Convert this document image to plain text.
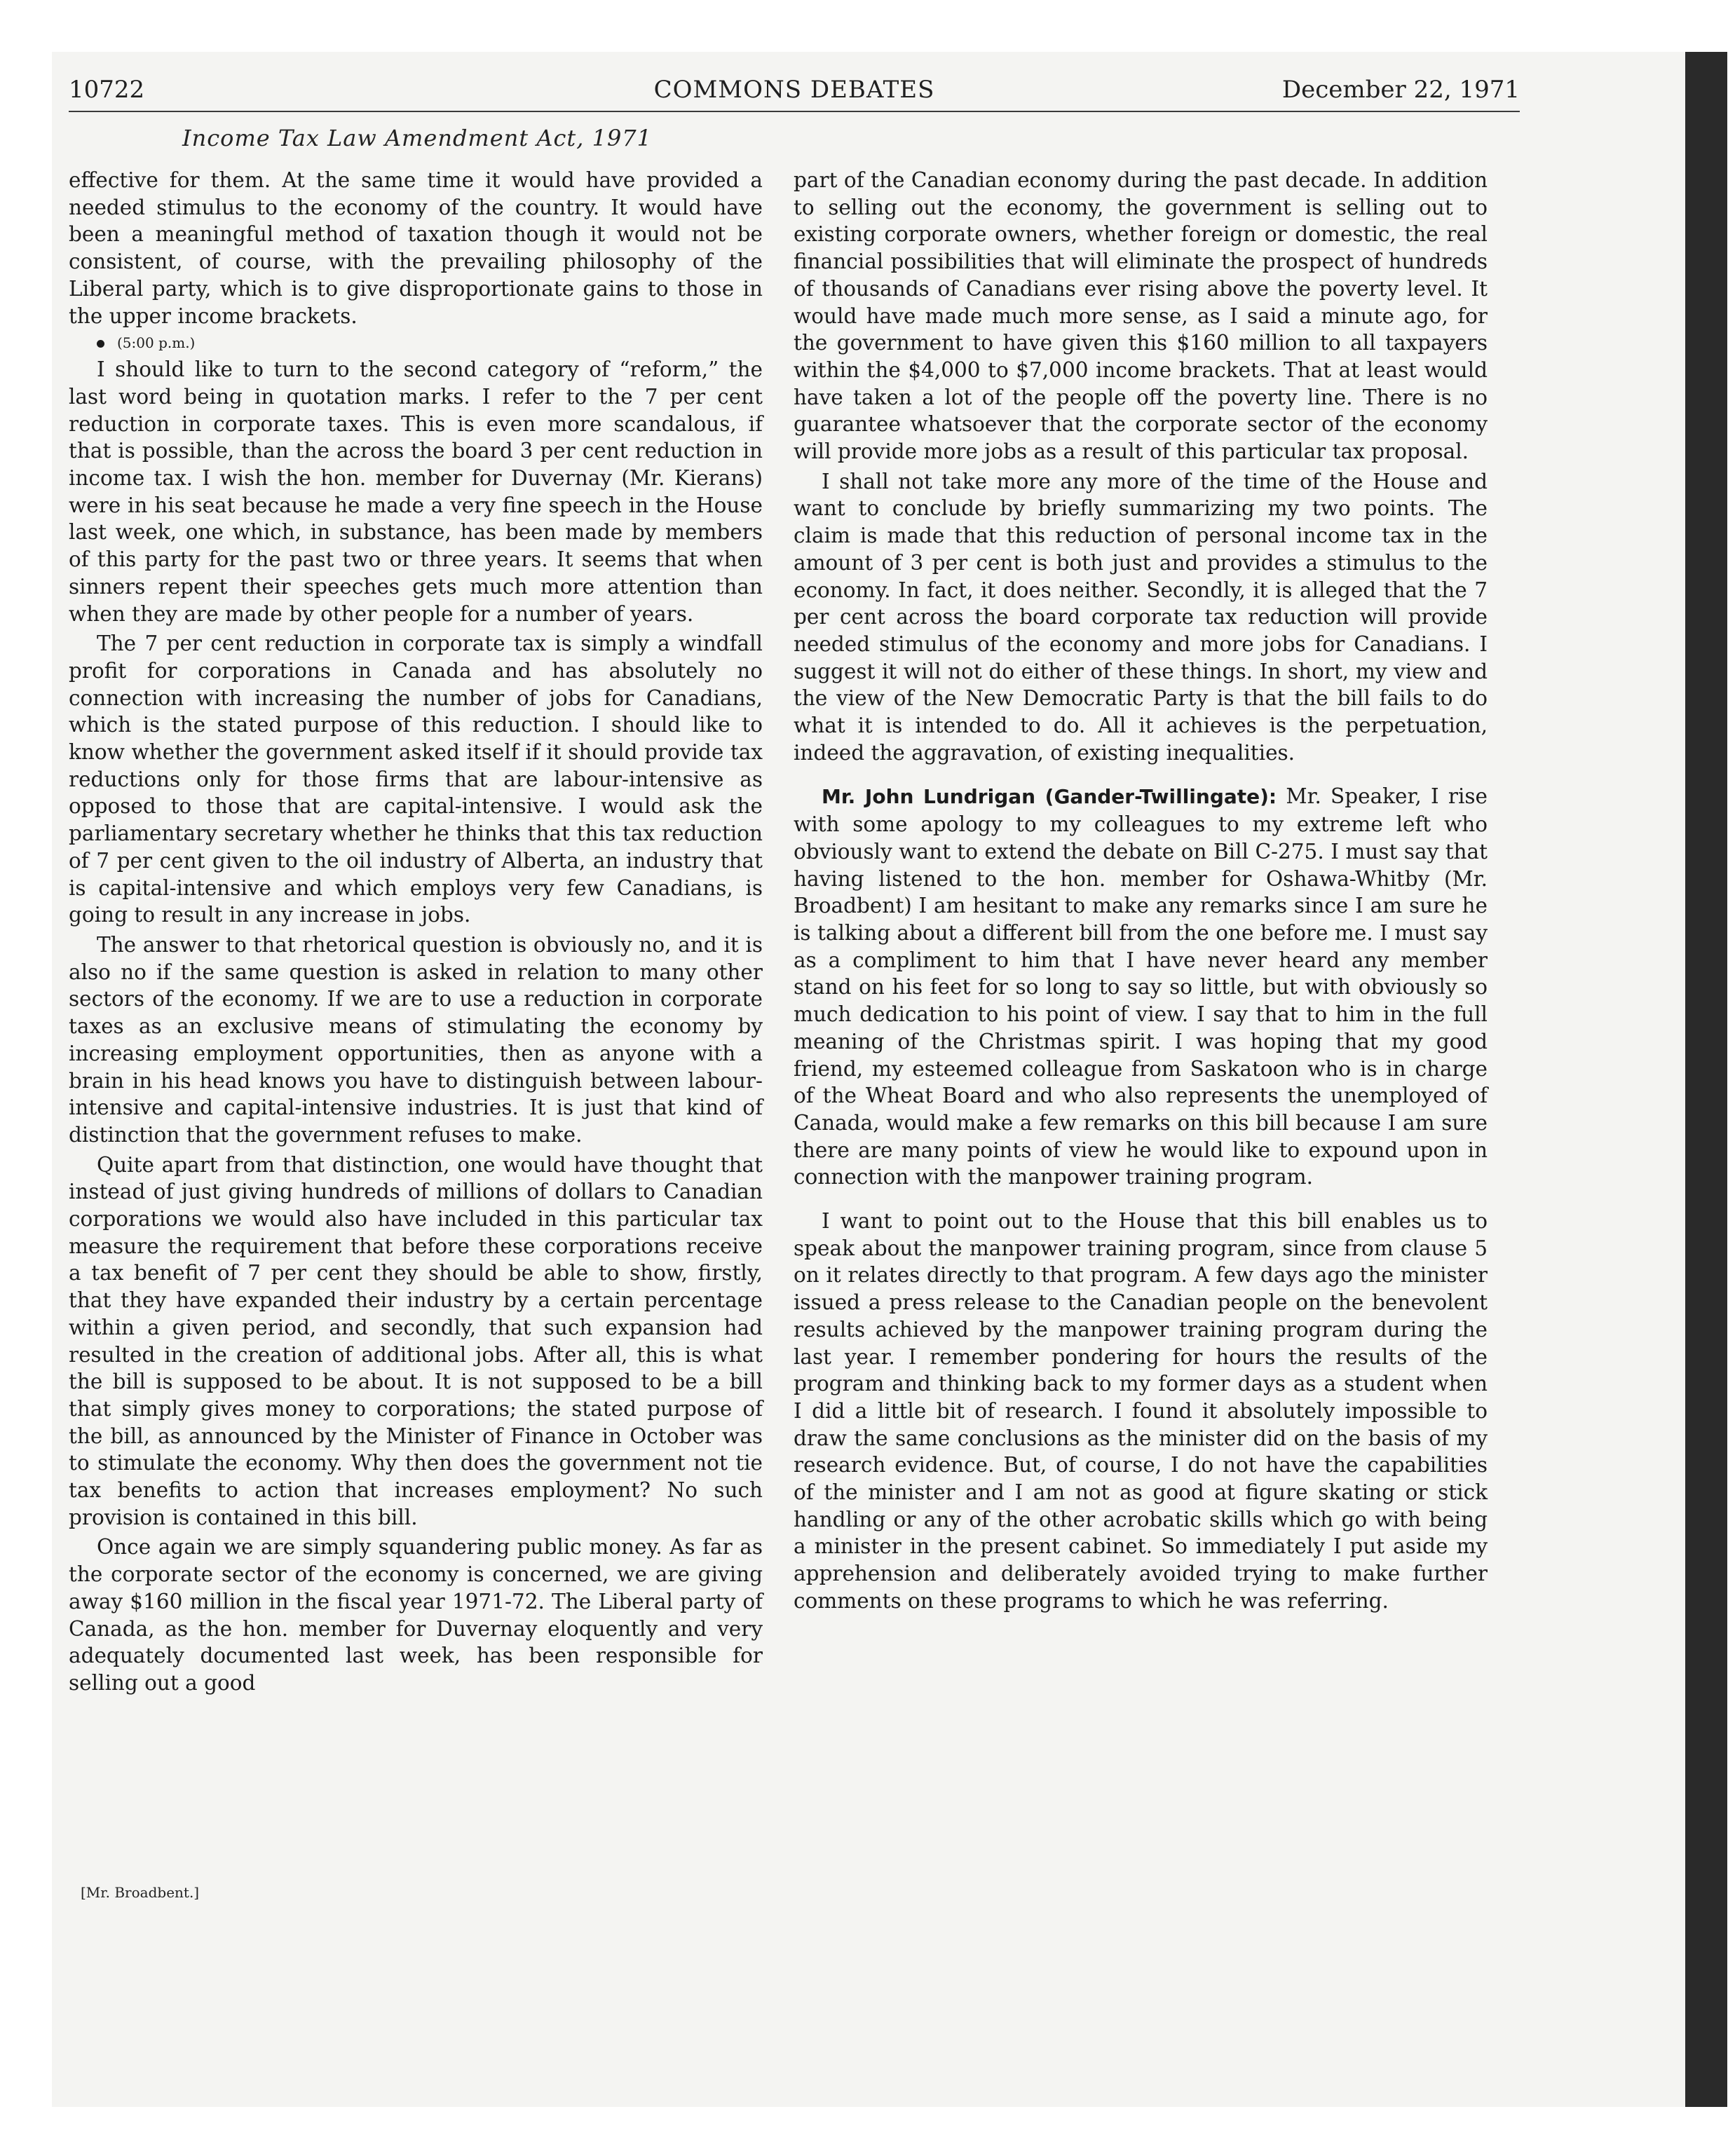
10722	COMMONS DEBATES	December 22, 1971
Income Tax Law Amendment Act, 1971

effective for them. At the same time it would have provided a needed stimulus to the economy of the country. It would have been a meaningful method of taxation though it would not be consistent, of course, with the prevailing philosophy of the Liberal party, which is to give disproportionate gains to those in the upper income brackets.

(5:00 p.m.)

I should like to turn to the second category of “reform,” the last word being in quotation marks. I refer to the 7 per cent reduction in corporate taxes. This is even more scandalous, if that is possible, than the across the board 3 per cent reduction in income tax. I wish the hon. member for Duvernay (Mr. Kierans) were in his seat because he made a very fine speech in the House last week, one which, in substance, has been made by members of this party for the past two or three years. It seems that when sinners repent their speeches gets much more attention than when they are made by other people for a number of years.

The 7 per cent reduction in corporate tax is simply a windfall profit for corporations in Canada and has absolutely no connection with increasing the number of jobs for Canadians, which is the stated purpose of this reduction. I should like to know whether the government asked itself if it should provide tax reductions only for those firms that are labour-intensive as opposed to those that are capital-intensive. I would ask the parliamentary secretary whether he thinks that this tax reduction of 7 per cent given to the oil industry of Alberta, an industry that is capital-intensive and which employs very few Canadians, is going to result in any increase in jobs.

The answer to that rhetorical question is obviously no, and it is also no if the same question is asked in relation to many other sectors of the economy. If we are to use a reduction in corporate taxes as an exclusive means of stimulating the economy by increasing employment opportunities, then as anyone with a brain in his head knows you have to distinguish between labour-intensive and capital-intensive industries. It is just that kind of distinction that the government refuses to make.

Quite apart from that distinction, one would have thought that instead of just giving hundreds of millions of dollars to Canadian corporations we would also have included in this particular tax measure the requirement that before these corporations receive a tax benefit of 7 per cent they should be able to show, firstly, that they have expanded their industry by a certain percentage within a given period, and secondly, that such expansion had resulted in the creation of additional jobs. After all, this is what the bill is supposed to be about. It is not supposed to be a bill that simply gives money to corporations; the stated purpose of the bill, as announced by the Minister of Finance in October was to stimulate the economy. Why then does the government not tie tax benefits to action that increases employment? No such provision is contained in this bill.

Once again we are simply squandering public money. As far as the corporate sector of the economy is concerned, we are giving away $160 million in the fiscal year 1971-72. The Liberal party of Canada, as the hon. member for Duvernay eloquently and very adequately documented last week, has been responsible for selling out a good

part of the Canadian economy during the past decade. In addition to selling out the economy, the government is selling out to existing corporate owners, whether foreign or domestic, the real financial possibilities that will eliminate the prospect of hundreds of thousands of Canadians ever rising above the poverty level. It would have made much more sense, as I said a minute ago, for the government to have given this $160 million to all taxpayers within the $4,000 to $7,000 income brackets. That at least would have taken a lot of the people off the poverty line. There is no guarantee whatsoever that the corporate sector of the economy will provide more jobs as a result of this particular tax proposal.

I shall not take more any more of the time of the House and want to conclude by briefly summarizing my two points. The claim is made that this reduction of personal income tax in the amount of 3 per cent is both just and provides a stimulus to the economy. In fact, it does neither. Secondly, it is alleged that the 7 per cent across the board corporate tax reduction will provide needed stimulus of the economy and more jobs for Canadians. I suggest it will not do either of these things. In short, my view and the view of the New Democratic Party is that the bill fails to do what it is intended to do. All it achieves is the perpetuation, indeed the aggravation, of existing inequalities.

Mr. John Lundrigan (Gander-Twillingate): Mr. Speaker, I rise with some apology to my colleagues to my extreme left who obviously want to extend the debate on Bill C-275. I must say that having listened to the hon. member for Oshawa-Whitby (Mr. Broadbent) I am hesitant to make any remarks since I am sure he is talking about a different bill from the one before me. I must say as a compliment to him that I have never heard any member stand on his feet for so long to say so little, but with obviously so much dedication to his point of view. I say that to him in the full meaning of the Christmas spirit. I was hoping that my good friend, my esteemed colleague from Saskatoon who is in charge of the Wheat Board and who also represents the unemployed of Canada, would make a few remarks on this bill because I am sure there are many points of view he would like to expound upon in connection with the manpower training program.

I want to point out to the House that this bill enables us to speak about the manpower training program, since from clause 5 on it relates directly to that program. A few days ago the minister issued a press release to the Canadian people on the benevolent results achieved by the manpower training program during the last year. I remember pondering for hours the results of the program and thinking back to my former days as a student when I did a little bit of research. I found it absolutely impossible to draw the same conclusions as the minister did on the basis of my research evidence. But, of course, I do not have the capabilities of the minister and I am not as good at figure skating or stick handling or any of the other acrobatic skills which go with being a minister in the present cabinet. So immediately I put aside my apprehension and deliberately avoided trying to make further comments on these programs to which he was referring.

[Mr. Broadbent.]
